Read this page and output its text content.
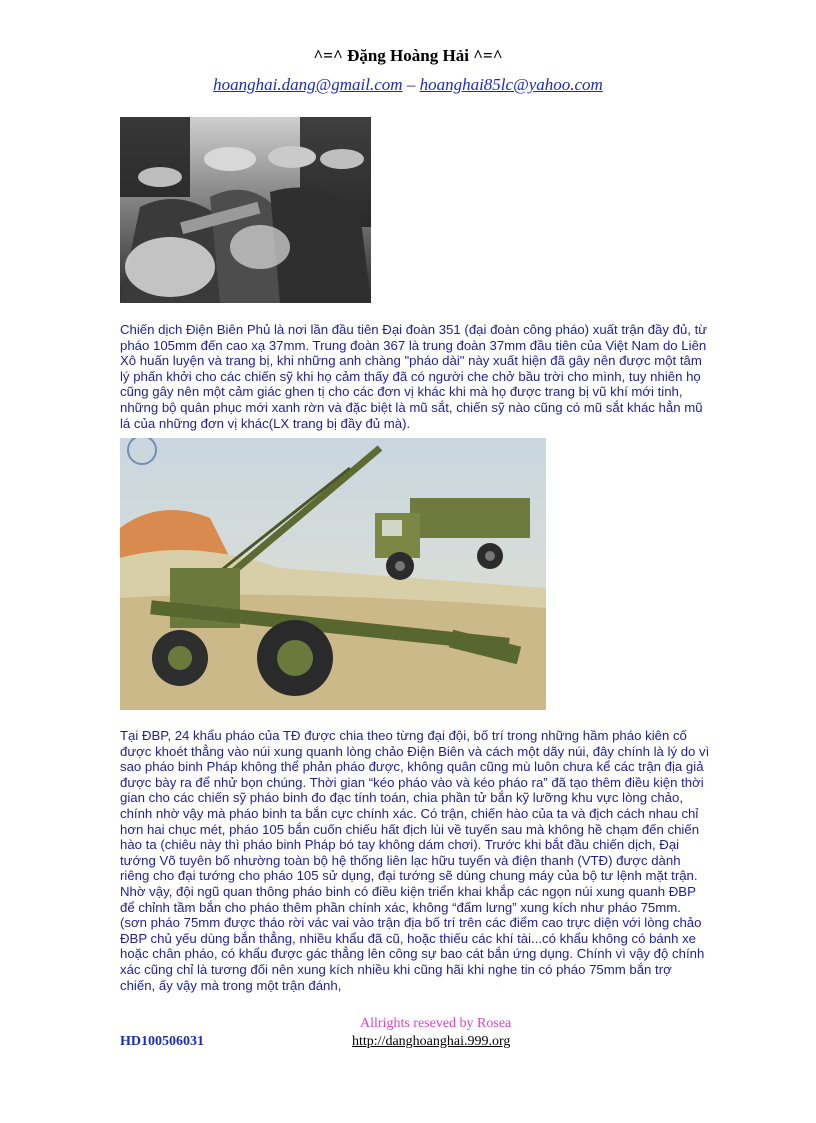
^=^ Đặng Hoàng Hải ^=^
hoanghai.dang@gmail.com – hoanghai85lc@yahoo.com

Chiến dịch Điện Biên Phủ là nơi lần đầu tiên Đại đoàn 351 (đại đoàn công pháo) xuất trận đầy đủ, từ pháo 105mm đến cao xạ 37mm. Trung đoàn 367 là trung đoàn 37mm đầu tiên của Việt Nam do Liên Xô huấn luyện và trang bị, khi những anh chàng "pháo dài" này xuất hiện đã gây nên được một tâm lý phấn khởi cho các chiến sỹ khi họ cảm thấy đã có người che chở bầu trời cho mình, tuy nhiên họ cũng gây nên một cảm giác ghen tị cho các đơn vị khác khi mà họ được trang bị vũ khí mới tinh, những bộ quân phục mới xanh rờn và đặc biệt là mũ sắt, chiến sỹ nào cũng có mũ sắt khác hẳn mũ lá của những đơn vị khác(LX trang bị đầy đủ mà).

Tại ĐBP, 24 khẩu pháo của TĐ được chia theo từng đại đội, bố trí trong những hầm pháo kiên cố được khoét thẳng vào núi xung quanh lòng chảo Điện Biên và cách một dãy núi, đây chính là lý do vì sao pháo binh Pháp không thể phản pháo được, không quân cũng mù luôn chưa kể các trận địa giả được bày ra để nhử bọn chúng. Thời gian “kéo pháo vào và kéo pháo ra” đã tạo thêm điều kiện thời gian cho các chiến sỹ pháo binh đo đạc tính toán, chia phần tử bắn kỹ lưỡng khu vực lòng chảo, chính nhờ vậy mà pháo binh ta bắn cực chính xác. Có trận, chiến hào của ta và địch cách nhau chỉ hơn hai chục mét, pháo 105 bắn cuốn chiếu hất địch lùi về tuyến sau mà không hề chạm đến chiến hào ta (chiêu này thì pháo binh Pháp bó tay không dám chơi). Trước khi bắt đầu chiến dịch, Đại tướng Võ tuyên bố nhường toàn bộ hệ thống liên lạc hữu tuyến và điện thanh (VTĐ) được dành riêng cho đại tướng cho pháo 105 sử dụng, đại tướng sẽ dùng chung máy của bộ tư lệnh mặt trận. Nhờ vậy, đội ngũ quan thông pháo binh có điều kiện triển khai khắp các ngọn núi xung quanh ĐBP để chỉnh tầm bắn cho pháo thêm phần chính xác, không “đấm lưng” xung kích như pháo 75mm. (sơn pháo 75mm được tháo rời vác vai vào trận địa bố trí trên các điểm cao trực diện với lòng chảo ĐBP chủ yếu dùng bắn thẳng, nhiều khẩu đã cũ, hoặc thiếu các khí tài...có khẩu không có bánh xe hoặc chân pháo, có khẩu được gác thẳng lên công sự bao cát bắn ứng dụng. Chính vì vậy độ chính xác cũng chỉ là tương đối nên xung kích nhiều khi cũng hãi khi nghe tin có pháo 75mm bắn trợ chiến, ấy vậy mà trong một trận đánh,

Allrights reseved by Rosea
HD100506031	http://danghoanghai.999.org
